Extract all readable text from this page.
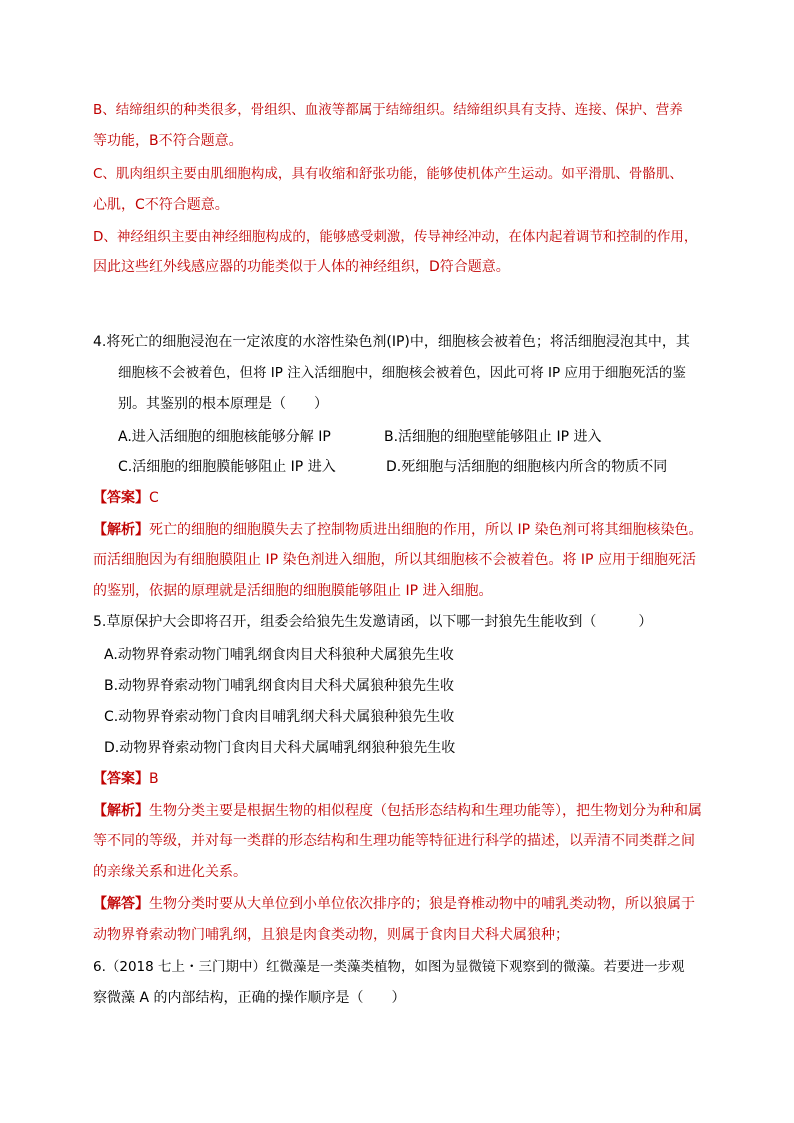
B、结缔组织的种类很多，骨组织、血液等都属于结缔组织。结缔组织具有支持、连接、保护、营养
等功能，B不符合题意。
C、肌肉组织主要由肌细胞构成，具有收缩和舒张功能，能够使机体产生运动。如平滑肌、骨骼肌、
心肌，C不符合题意。
D、神经组织主要由神经细胞构成的，能够感受刺激，传导神经冲动，在体内起着调节和控制的作用，
因此这些红外线感应器的功能类似于人体的神经组织，D符合题意。
4.将死亡的细胞浸泡在一定浓度的水溶性染色剂(IP)中，细胞核会被着色；将活细胞浸泡其中，其
细胞核不会被着色，但将 IP 注入活细胞中，细胞核会被着色，因此可将 IP 应用于细胞死活的鉴
别。其鉴别的根本原理是（　　）
A.进入活细胞的细胞核能够分解 IP	B.活细胞的细胞壁能够阻止 IP 进入
C.活细胞的细胞膜能够阻止 IP 进入	D.死细胞与活细胞的细胞核内所含的物质不同
【答案】C
【解析】死亡的细胞的细胞膜失去了控制物质进出细胞的作用，所以 IP 染色剂可将其细胞核染色。
而活细胞因为有细胞膜阻止 IP 染色剂进入细胞，所以其细胞核不会被着色。将 IP 应用于细胞死活
的鉴别，依据的原理就是活细胞的细胞膜能够阻止 IP 进入细胞。
5.草原保护大会即将召开，组委会给狼先生发邀请函，以下哪一封狼先生能收到（　　　）
A.动物界脊索动物门哺乳纲食肉目犬科狼种犬属狼先生收
B.动物界脊索动物门哺乳纲食肉目犬科犬属狼种狼先生收
C.动物界脊索动物门食肉目哺乳纲犬科犬属狼种狼先生收
D.动物界脊索动物门食肉目犬科犬属哺乳纲狼种狼先生收
【答案】B
【解析】生物分类主要是根据生物的相似程度（包括形态结构和生理功能等），把生物划分为种和属
等不同的等级，并对每一类群的形态结构和生理功能等特征进行科学的描述，以弄清不同类群之间
的亲缘关系和进化关系。
【解答】生物分类时要从大单位到小单位依次排序的；狼是脊椎动物中的哺乳类动物，所以狼属于
动物界脊索动物门哺乳纲，且狼是肉食类动物，则属于食肉目犬科犬属狼种；
6.（2018 七上・三门期中）红微藻是一类藻类植物，如图为显微镜下观察到的微藻。若要进一步观
察微藻 A 的内部结构，正确的操作顺序是（　　）
